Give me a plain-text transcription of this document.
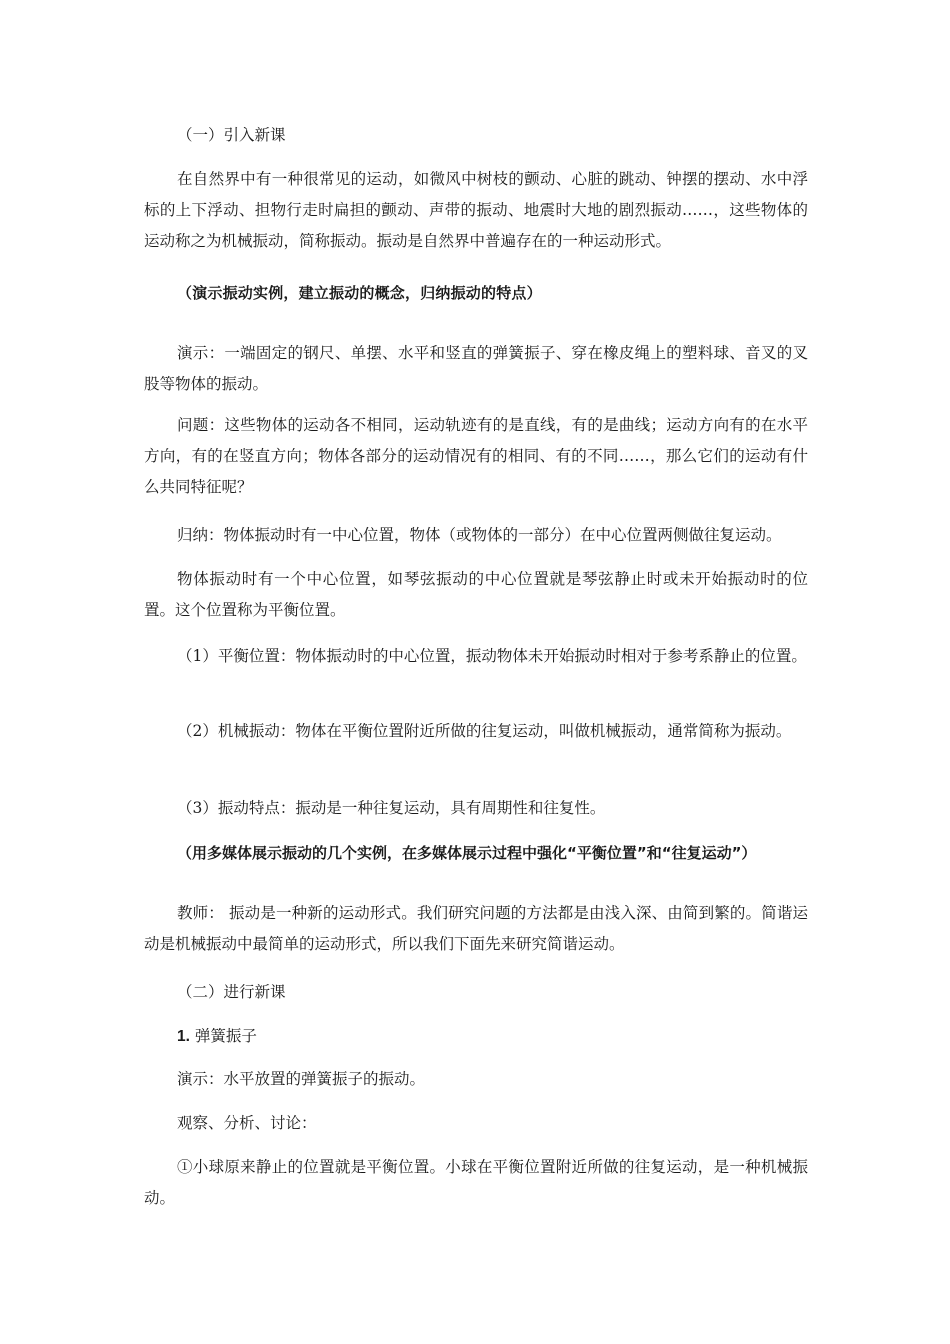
（一）引入新课

在自然界中有一种很常见的运动，如微风中树枝的颤动、心脏的跳动、钟摆的摆动、水中浮标的上下浮动、担物行走时扁担的颤动、声带的振动、地震时大地的剧烈振动……，这些物体的运动称之为机械振动，简称振动。振动是自然界中普遍存在的一种运动形式。

（演示振动实例，建立振动的概念，归纳振动的特点）

演示：一端固定的钢尺、单摆、水平和竖直的弹簧振子、穿在橡皮绳上的塑料球、音叉的叉股等物体的振动。

问题：这些物体的运动各不相同，运动轨迹有的是直线，有的是曲线；运动方向有的在水平方向，有的在竖直方向；物体各部分的运动情况有的相同、有的不同……，那么它们的运动有什么共同特征呢？

归纳：物体振动时有一中心位置，物体（或物体的一部分）在中心位置两侧做往复运动。

物体振动时有一个中心位置，如琴弦振动的中心位置就是琴弦静止时或未开始振动时的位置。这个位置称为平衡位置。

（1）平衡位置：物体振动时的中心位置，振动物体未开始振动时相对于参考系静止的位置。

（2）机械振动：物体在平衡位置附近所做的往复运动，叫做机械振动，通常简称为振动。

（3）振动特点：振动是一种往复运动，具有周期性和往复性。

（用多媒体展示振动的几个实例，在多媒体展示过程中强化“平衡位置”和“往复运动”）

教师： 振动是一种新的运动形式。我们研究问题的方法都是由浅入深、由简到繁的。简谐运动是机械振动中最简单的运动形式，所以我们下面先来研究简谐运动。

（二）进行新课

1. 弹簧振子

演示：水平放置的弹簧振子的振动。

观察、分析、讨论：

①小球原来静止的位置就是平衡位置。小球在平衡位置附近所做的往复运动，是一种机械振动。
